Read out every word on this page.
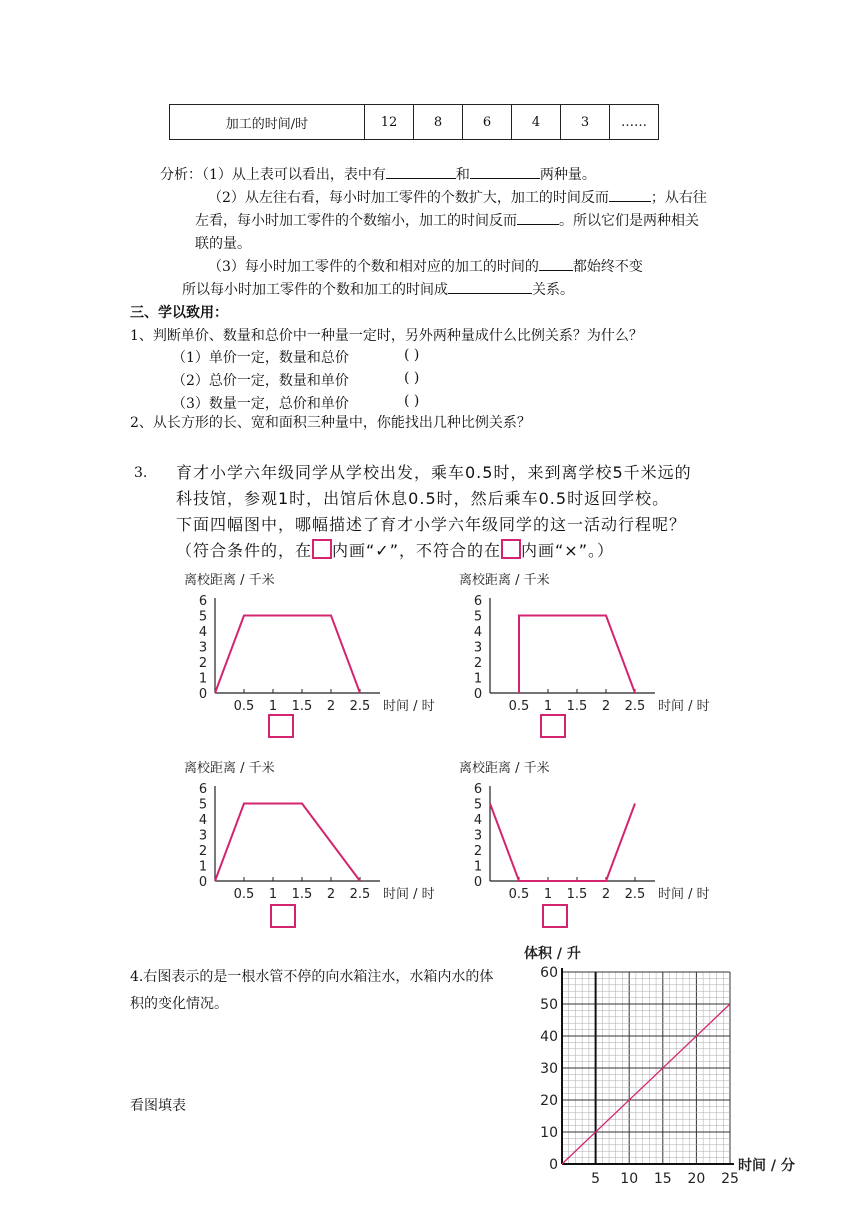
加工的时间/时	12	8	6	4	3	……
分析：（1）从上表可以看出，表中有	和	两种量。
（2）从左往右看，每小时加工零件的个数扩大，加工的时间反而	；从右往
左看，每小时加工零件的个数缩小，加工的时间反而	。所以它们是两种相关
联的量。
（3）每小时加工零件的个数和相对应的加工的时间的 都始终不变
所以每小时加工零件的个数和加工的时间成	关系。
三、学以致用：
1、判断单价、数量和总价中一种量一定时，另外两种量成什么比例关系？为什么？
（1）单价一定，数量和总价	( )
（2）总价一定，数量和单价	( )
（3）数量一定，总价和单价	( )
2、从长方形的长、宽和面积三种量中，你能找出几种比例关系？
3. 育才小学六年级同学从学校出发，乘车0.5时，来到离学校5千米远的
科技馆，参观1时，出馆后休息0.5时，然后乘车0.5时返回学校。
下面四幅图中，哪幅描述了育才小学六年级同学的这一活动行程呢？
（符合条件的，在 内画“✓”，不符合的在 内画“×”。）
离校距离 / 千米
0
1
2
3
4
5
6
0.5 1 1.5 2 2.5 时间 / 时
离校距离 / 千米
0
1
2
3
4
5
6
0.5 1 1.5 2 2.5 时间 / 时
离校距离 / 千米
0
1
2
3
4
5
6
0.5 1 1.5 2 2.5 时间 / 时
离校距离 / 千米
0
1
2
3
4
5
6
0.5 1 1.5 2 2.5 时间 / 时
4.右图表示的是一根水管不停的向水箱注水，水箱内水的体
积的变化情况。
看图填表
体积 / 升
0
10
20
30
40
50
60
5 10 15 20 25
时间 / 分
